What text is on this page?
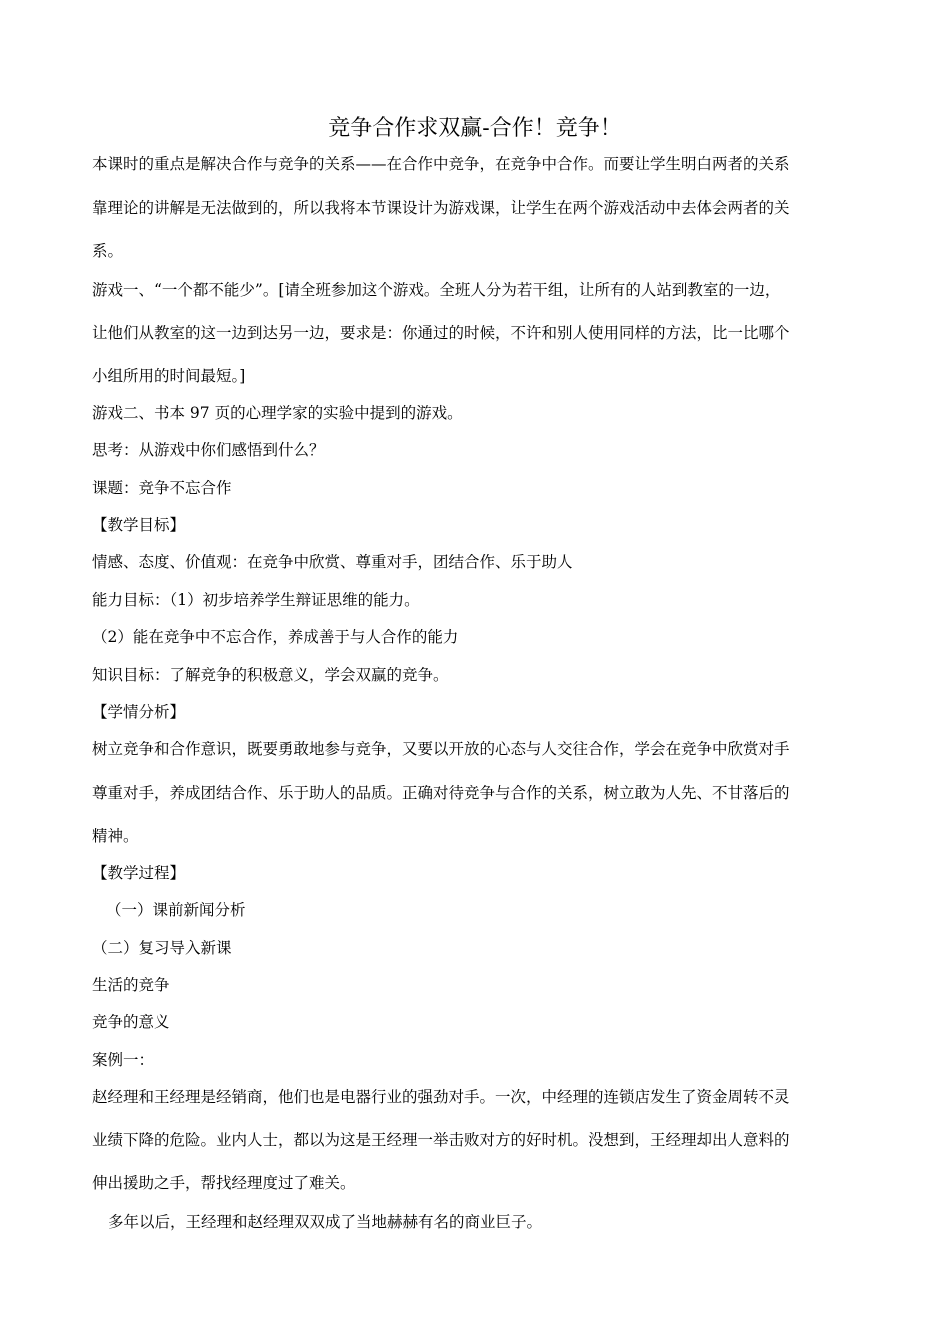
竞争合作求双赢-合作！竞争！
本课时的重点是解决合作与竞争的关系——在合作中竞争，在竞争中合作。而要让学生明白两者的关系
靠理论的讲解是无法做到的，所以我将本节课设计为游戏课，让学生在两个游戏活动中去体会两者的关
系。
游戏一、“一个都不能少”。[请全班参加这个游戏。全班人分为若干组，让所有的人站到教室的一边，
让他们从教室的这一边到达另一边，要求是：你通过的时候，不许和别人使用同样的方法，比一比哪个
小组所用的时间最短。]
游戏二、书本 97 页的心理学家的实验中提到的游戏。
思考：从游戏中你们感悟到什么？
课题：竞争不忘合作
【教学目标】
情感、态度、价值观：在竞争中欣赏、尊重对手，团结合作、乐于助人
能力目标：（1）初步培养学生辩证思维的能力。
（2）能在竞争中不忘合作，养成善于与人合作的能力
知识目标：了解竞争的积极意义，学会双赢的竞争。
【学情分析】
树立竞争和合作意识，既要勇敢地参与竞争，又要以开放的心态与人交往合作，学会在竞争中欣赏对手
尊重对手，养成团结合作、乐于助人的品质。正确对待竞争与合作的关系，树立敢为人先、不甘落后的
精神。
【教学过程】
（一）课前新闻分析
（二）复习导入新课
生活的竞争
竞争的意义
案例一：
赵经理和王经理是经销商，他们也是电器行业的强劲对手。一次，中经理的连锁店发生了资金周转不灵
业绩下降的危险。业内人士，都以为这是王经理一举击败对方的好时机。没想到，王经理却出人意料的
伸出援助之手，帮找经理度过了难关。
多年以后，王经理和赵经理双双成了当地赫赫有名的商业巨子。
